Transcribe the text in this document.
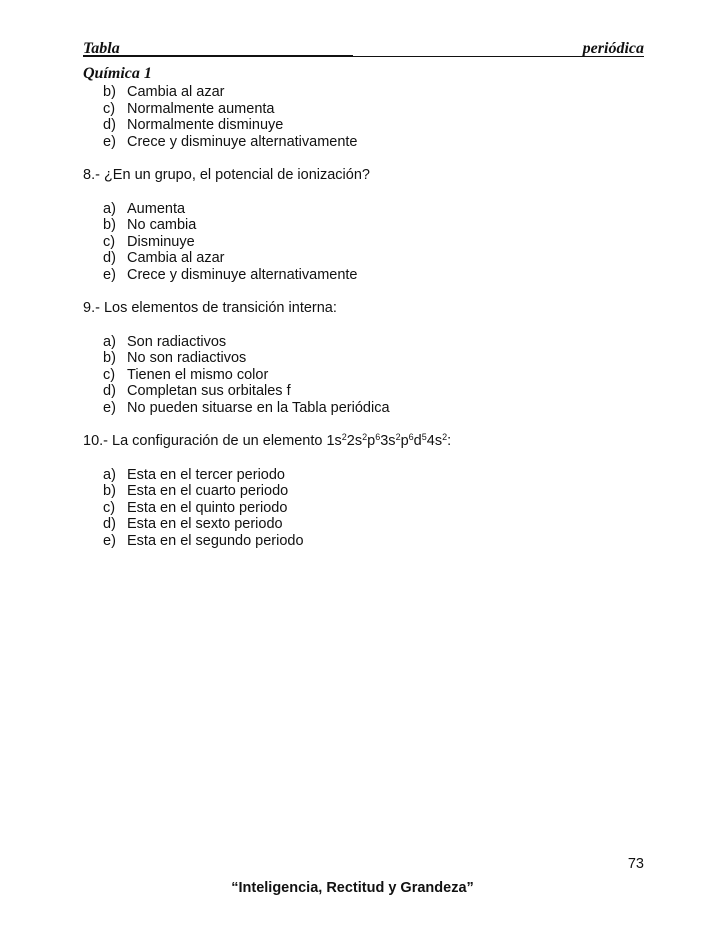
Tabla	periódica
Química 1
b) Cambia al azar
c) Normalmente aumenta
d) Normalmente disminuye
e) Crece y disminuye alternativamente
8.- ¿En un grupo, el potencial de ionización?
a) Aumenta
b) No cambia
c) Disminuye
d) Cambia al azar
e) Crece y disminuye alternativamente
9.- Los elementos de transición interna:
a) Son radiactivos
b) No son radiactivos
c) Tienen el mismo color
d) Completan sus orbitales f
e) No pueden situarse en la Tabla periódica
10.- La configuración de un elemento $1s^22s^2p^63s^2p^6d^54s^2$:
a) Esta en el tercer periodo
b) Esta en el cuarto periodo
c) Esta en el quinto periodo
d) Esta en el sexto periodo
e) Esta en el segundo periodo
73
“Inteligencia, Rectitud y Grandeza”
